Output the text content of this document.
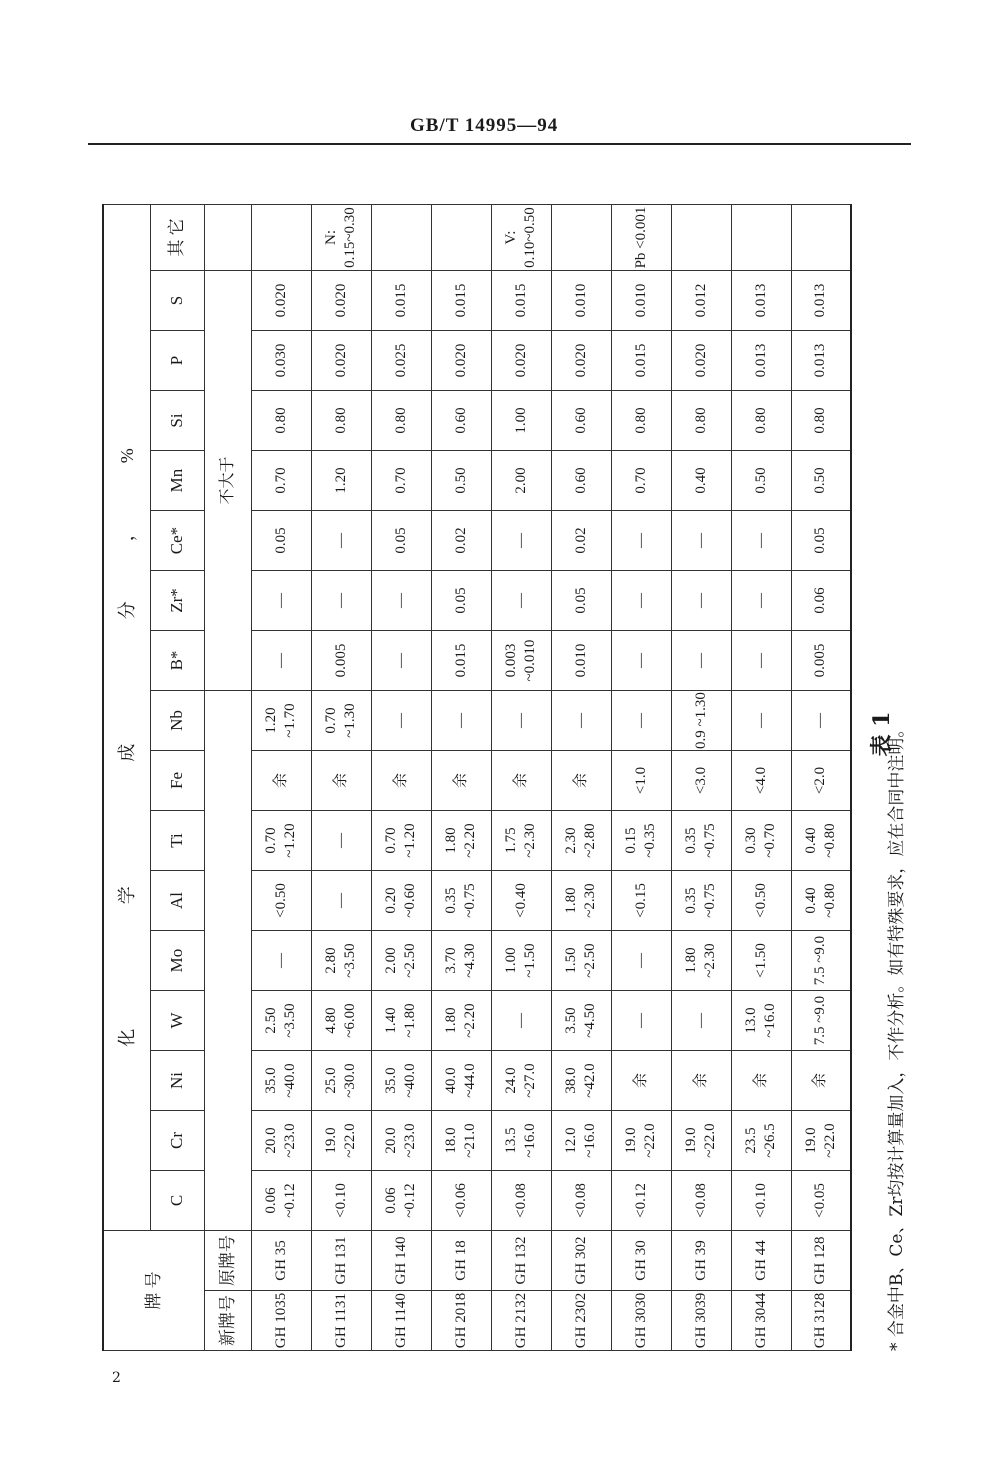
GB/T 14995—94
2
表 1
牌 号		化 学 成 分，%																
		C	Cr	Ni	W	Mo	Al	Ti	Fe	Nb	B*	Zr*	Ce*	Mn	Si	P	S	其 它
新牌号	原牌号										不大于							
GH 1035	GH 35	0.06 ~0.12	20.0 ~23.0	35.0 ~40.0	2.50 ~3.50	—	<0.50	0.70 ~1.20	余	1.20 ~1.70	—	—	0.05	0.70	0.80	0.030	0.020	
GH 1131	GH 131	<0.10	19.0 ~22.0	25.0 ~30.0	4.80 ~6.00	2.80 ~3.50	—	—	余	0.70 ~1.30	0.005	—	—	1.20	0.80	0.020	0.020	N: 0.15~0.30
GH 1140	GH 140	0.06 ~0.12	20.0 ~23.0	35.0 ~40.0	1.40 ~1.80	2.00 ~2.50	0.20 ~0.60	0.70 ~1.20	余	—	—	—	0.05	0.70	0.80	0.025	0.015	
GH 2018	GH 18	<0.06	18.0 ~21.0	40.0 ~44.0	1.80 ~2.20	3.70 ~4.30	0.35 ~0.75	1.80 ~2.20	余	—	0.015	0.05	0.02	0.50	0.60	0.020	0.015	
GH 2132	GH 132	<0.08	13.5 ~16.0	24.0 ~27.0	—	1.00 ~1.50	<0.40	1.75 ~2.30	余	—	0.003 ~0.010	—	—	2.00	1.00	0.020	0.015	V: 0.10~0.50
GH 2302	GH 302	<0.08	12.0 ~16.0	38.0 ~42.0	3.50 ~4.50	1.50 ~2.50	1.80 ~2.30	2.30 ~2.80	余	—	0.010	0.05	0.02	0.60	0.60	0.020	0.010	
GH 3030	GH 30	<0.12	19.0 ~22.0	余	—	—	<0.15	0.15 ~0.35	<1.0	—	—	—	—	0.70	0.80	0.015	0.010	Pb <0.001
GH 3039	GH 39	<0.08	19.0 ~22.0	余	—	1.80 ~2.30	0.35 ~0.75	0.35 ~0.75	<3.0	0.9 ~1.30	—	—	—	0.40	0.80	0.020	0.012	
GH 3044	GH 44	<0.10	23.5 ~26.5	余	13.0 ~16.0	<1.50	<0.50	0.30 ~0.70	<4.0	—	—	—	—	0.50	0.80	0.013	0.013	
GH 3128	GH 128	<0.05	19.0 ~22.0	余	7.5 ~9.0	7.5 ~9.0	0.40 ~0.80	0.40 ~0.80	<2.0	—	0.005	0.06	0.05	0.50	0.80	0.013	0.013	
* 合金中B、Ce、Zr均按计算量加入，不作分析。如有特殊要求，应在合同中注明。
